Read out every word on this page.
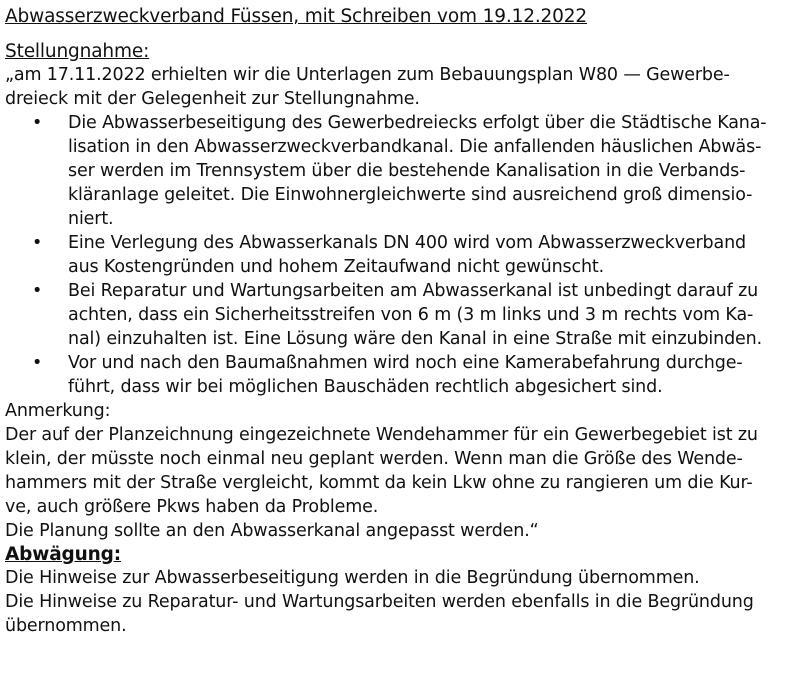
Abwasserzweckverband Füssen, mit Schreiben vom 19.12.2022
Stellungnahme:
„am 17.11.2022 erhielten wir die Unterlagen zum Bebauungsplan W80 — Gewerbe-
dreieck mit der Gelegenheit zur Stellungnahme.
• Die Abwasserbeseitigung des Gewerbedreiecks erfolgt über die Städtische Kana-
lisation in den Abwasserzweckverbandkanal. Die anfallenden häuslichen Abwäs-
ser werden im Trennsystem über die bestehende Kanalisation in die Verbands-
kläranlage geleitet. Die Einwohnergleichwerte sind ausreichend groß dimensio-
niert.
• Eine Verlegung des Abwasserkanals DN 400 wird vom Abwasserzweckverband
aus Kostengründen und hohem Zeitaufwand nicht gewünscht.
• Bei Reparatur und Wartungsarbeiten am Abwasserkanal ist unbedingt darauf zu
achten, dass ein Sicherheitsstreifen von 6 m (3 m links und 3 m rechts vom Ka-
nal) einzuhalten ist. Eine Lösung wäre den Kanal in eine Straße mit einzubinden.
• Vor und nach den Baumaßnahmen wird noch eine Kamerabefahrung durchge-
führt, dass wir bei möglichen Bauschäden rechtlich abgesichert sind.
Anmerkung:
Der auf der Planzeichnung eingezeichnete Wendehammer für ein Gewerbegebiet ist zu
klein, der müsste noch einmal neu geplant werden. Wenn man die Größe des Wende-
hammers mit der Straße vergleicht, kommt da kein Lkw ohne zu rangieren um die Kur-
ve, auch größere Pkws haben da Probleme.
Die Planung sollte an den Abwasserkanal angepasst werden.“
Abwägung:
Die Hinweise zur Abwasserbeseitigung werden in die Begründung übernommen.
Die Hinweise zu Reparatur- und Wartungsarbeiten werden ebenfalls in die Begründung
übernommen.
